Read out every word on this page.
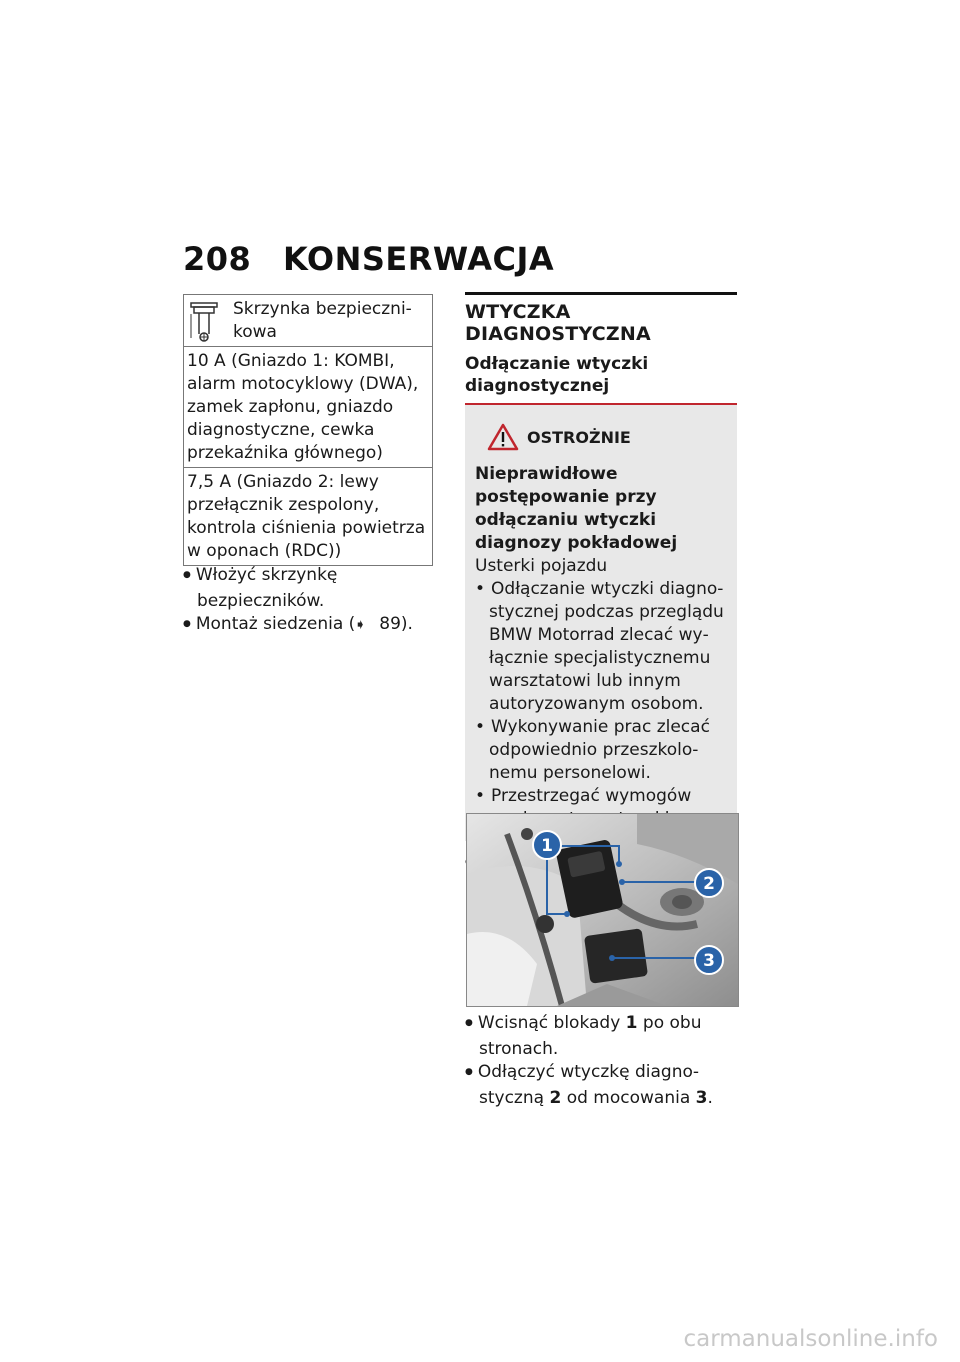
208 KONSERWACJA
Skrzynka bezpiecznikowa

10 A (Gniazdo 1: KOMBI, alarm motocyklowy (DWA), zamek zapłonu, gniazdo diagnostyczne, cewka przekaźnika głównego)
7,5 A (Gniazdo 2: lewy przełącznik zespolony, kontrola ciśnienia powietrza w oponach (RDC))
● Włożyć skrzynkę bezpieczników.
● Montaż siedzenia (➧ 89).
WTYCZKA DIAGNOSTYCZNA
Odłączanie wtyczki diagnostycznej
OSTROŻNIE
Nieprawidłowe postępowanie przy odłączaniu wtyczki diagnozy pokładowej
Usterki pojazdu
• Odłączanie wtyczki diagnostycznej podczas przeglądu BMW Motorrad zlecać wyłącznie specjalistycznemu warsztatowi lub innym autoryzowanym osobom.
• Wykonywanie prac zlecać odpowiednio przeszkolonemu personelowi.
• Przestrzegać wymogów
●
1
2
3
● Wcisnąć blokady 1 po obu stronach.
● Odłączyć wtyczkę diagnostyczną 2 od mocowania 3.
carmanualsonline.info
